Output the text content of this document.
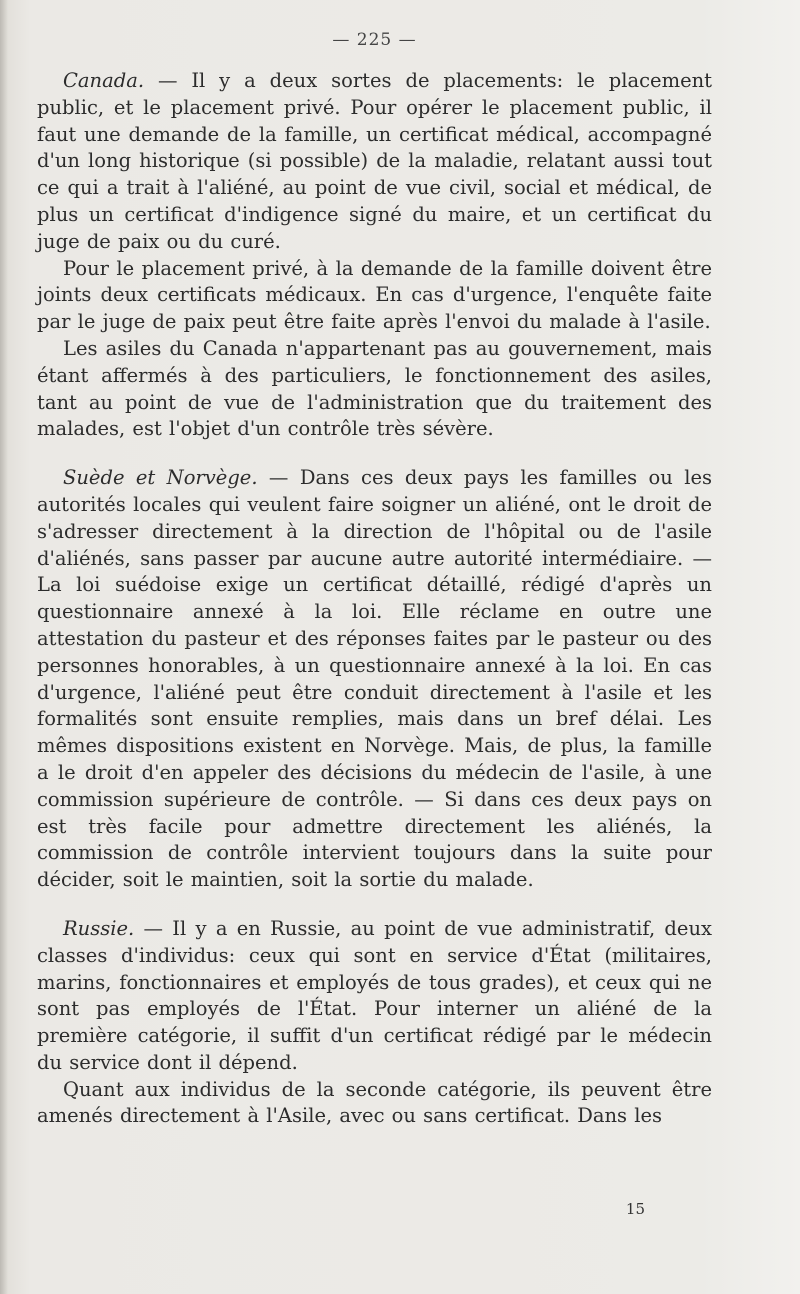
— 225 —

Canada. — Il y a deux sortes de placements: le placement public, et le placement privé. Pour opérer le placement public, il faut une demande de la famille, un certificat médical, accompagné d'un long historique (si possible) de la maladie, relatant aussi tout ce qui a trait à l'aliéné, au point de vue civil, social et médical, de plus un certificat d'indigence signé du maire, et un certificat du juge de paix ou du curé.

Pour le placement privé, à la demande de la famille doivent être joints deux certificats médicaux. En cas d'urgence, l'enquête faite par le juge de paix peut être faite après l'envoi du malade à l'asile.

Les asiles du Canada n'appartenant pas au gouvernement, mais étant affermés à des particuliers, le fonctionnement des asiles, tant au point de vue de l'administration que du traitement des malades, est l'objet d'un contrôle très sévère.

Suède et Norvège. — Dans ces deux pays les familles ou les autorités locales qui veulent faire soigner un aliéné, ont le droit de s'adresser directement à la direction de l'hôpital ou de l'asile d'aliénés, sans passer par aucune autre autorité intermédiaire. — La loi suédoise exige un certificat détaillé, rédigé d'après un questionnaire annexé à la loi. Elle réclame en outre une attestation du pasteur et des réponses faites par le pasteur ou des personnes honorables, à un questionnaire annexé à la loi. En cas d'urgence, l'aliéné peut être conduit directement à l'asile et les formalités sont ensuite remplies, mais dans un bref délai. Les mêmes dispositions existent en Norvège. Mais, de plus, la famille a le droit d'en appeler des décisions du médecin de l'asile, à une commission supérieure de contrôle. — Si dans ces deux pays on est très facile pour admettre directement les aliénés, la commission de contrôle intervient toujours dans la suite pour décider, soit le maintien, soit la sortie du malade.

Russie. — Il y a en Russie, au point de vue administratif, deux classes d'individus: ceux qui sont en service d'État (militaires, marins, fonctionnaires et employés de tous grades), et ceux qui ne sont pas employés de l'État. Pour interner un aliéné de la première catégorie, il suffit d'un certificat rédigé par le médecin du service dont il dépend.

Quant aux individus de la seconde catégorie, ils peuvent être amenés directement à l'Asile, avec ou sans certificat. Dans les

15
